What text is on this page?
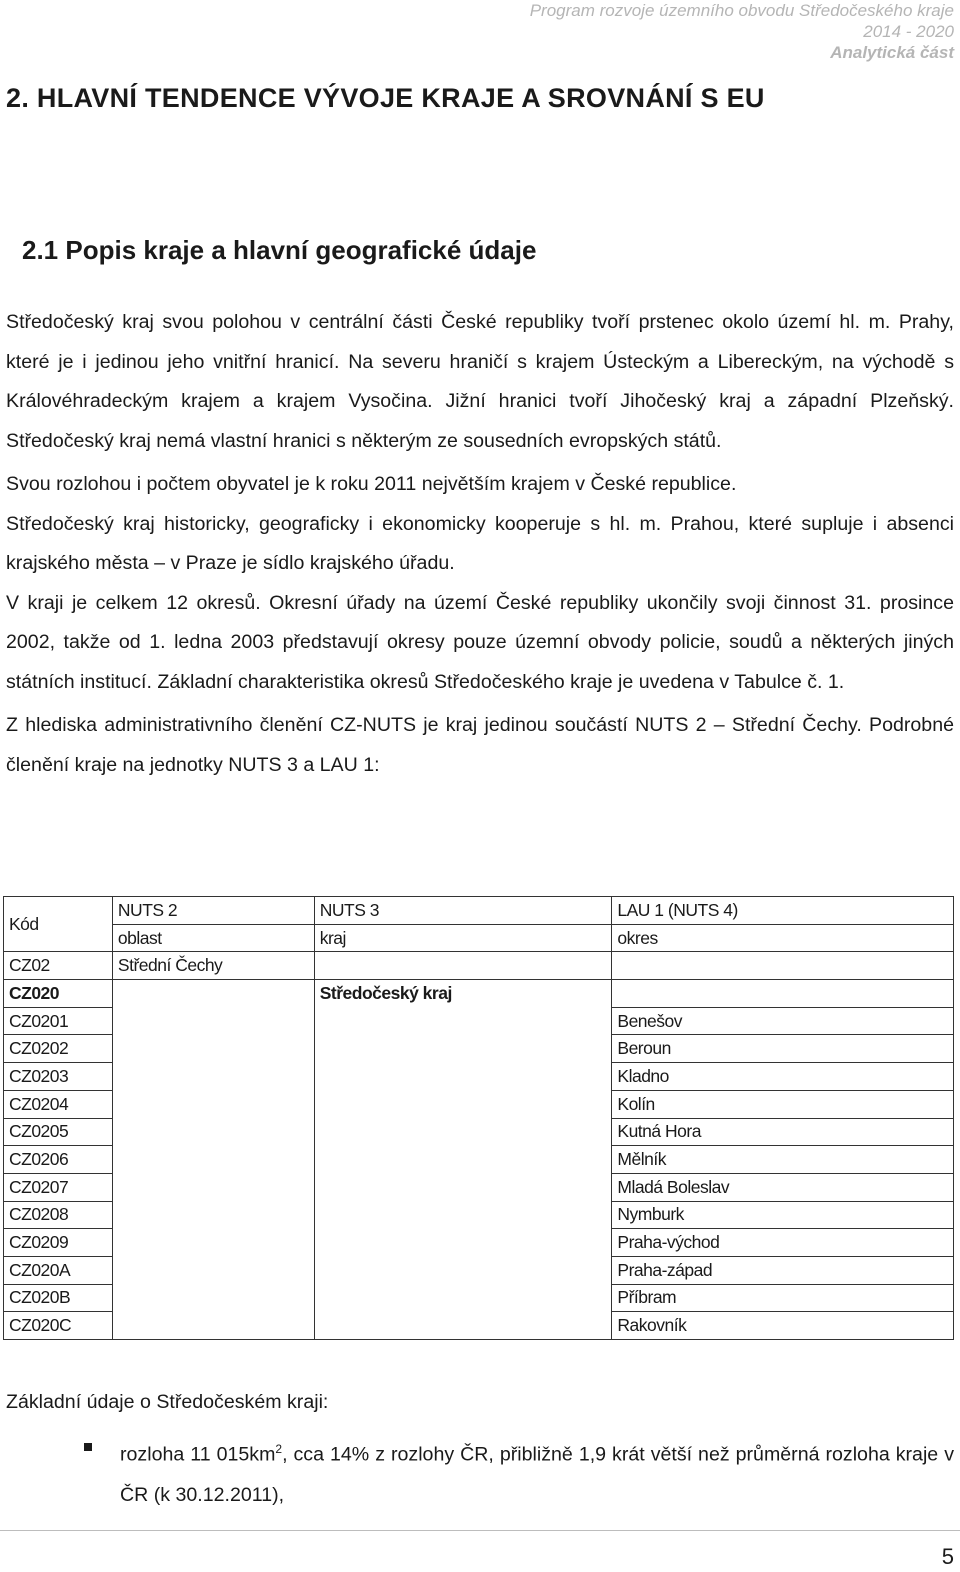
Program rozvoje územního obvodu Středočeského kraje
2014 - 2020
Analytická část
2. HLAVNÍ TENDENCE VÝVOJE KRAJE A SROVNÁNÍ S EU
2.1 Popis kraje a hlavní geografické údaje

Středočeský kraj svou polohou v centrální části České republiky tvoří prstenec okolo území hl. m. Prahy, které je i jedinou jeho vnitřní hranicí. Na severu hraničí s krajem Ústeckým a Libereckým, na východě s Královéhradeckým krajem a krajem Vysočina. Jižní hranici tvoří Jihočeský kraj a západní Plzeňský. Středočeský kraj nemá vlastní hranici s některým ze sousedních evropských států.

Svou rozlohou i počtem obyvatel je k roku 2011 největším krajem v České republice.

Středočeský kraj historicky, geograficky i ekonomicky kooperuje s hl. m. Prahou, které supluje i absenci krajského města – v Praze je sídlo krajského úřadu.

V kraji je celkem 12 okresů. Okresní úřady na území České republiky ukončily svoji činnost 31. prosince 2002, takže od 1. ledna 2003 představují okresy pouze územní obvody policie, soudů a některých jiných státních institucí. Základní charakteristika okresů Středočeského kraje je uvedena v Tabulce č. 1.

Z hlediska administrativního členění CZ-NUTS je kraj jedinou součástí NUTS 2 – Střední Čechy. Podrobné členění kraje na jednotky NUTS 3 a LAU 1:

Kód	NUTS 2	NUTS 3	LAU 1 (NUTS 4)
	oblast	kraj	okres
CZ02	Střední Čechy		
CZ020		Středočeský kraj	
CZ0201			Benešov
CZ0202			Beroun
CZ0203			Kladno
CZ0204			Kolín
CZ0205			Kutná Hora
CZ0206			Mělník
CZ0207			Mladá Boleslav
CZ0208			Nymburk
CZ0209			Praha-východ
CZ020A			Praha-západ
CZ020B			Příbram
CZ020C			Rakovník
Základní údaje o Středočeském kraji:
rozloha 11 $015km^2$, cca 14% z rozlohy ČR, přibližně 1,9 krát větší než průměrná rozloha kraje v ČR (k 30.12.2011),
5
